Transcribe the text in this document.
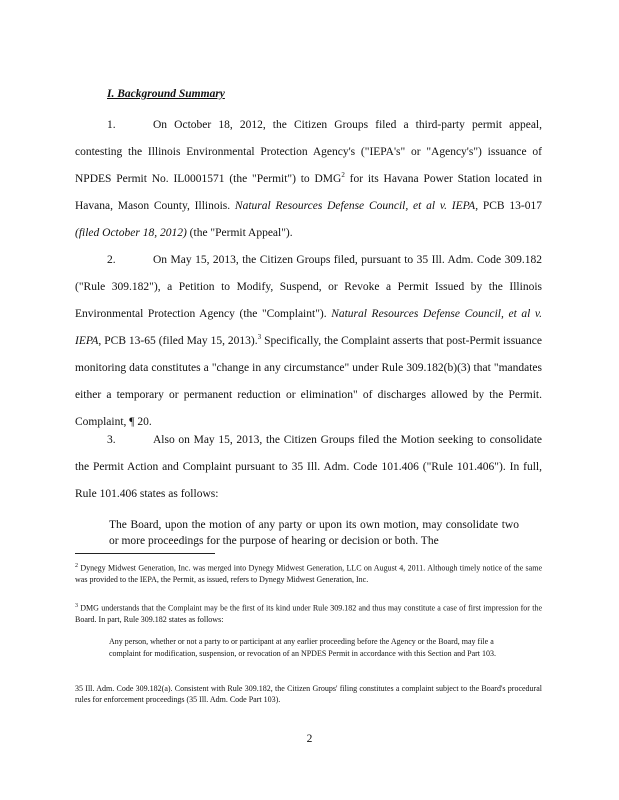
I. Background Summary
1.	On October 18, 2012, the Citizen Groups filed a third-party permit appeal, contesting the Illinois Environmental Protection Agency's ("IEPA's" or "Agency's") issuance of NPDES Permit No. IL0001571 (the "Permit") to DMG$^2$ for its Havana Power Station located in Havana, Mason County, Illinois. Natural Resources Defense Council, et al v. IEPA, PCB 13-017 (filed October 18, 2012) (the "Permit Appeal").
2.	On May 15, 2013, the Citizen Groups filed, pursuant to 35 Ill. Adm. Code 309.182 ("Rule 309.182"), a Petition to Modify, Suspend, or Revoke a Permit Issued by the Illinois Environmental Protection Agency (the "Complaint"). Natural Resources Defense Council, et al v. IEPA, PCB 13-65 (filed May 15, 2013).$^3$ Specifically, the Complaint asserts that post-Permit issuance monitoring data constitutes a "change in any circumstance" under Rule 309.182(b)(3) that "mandates either a temporary or permanent reduction or elimination" of discharges allowed by the Permit. Complaint, ¶ 20.
3.	Also on May 15, 2013, the Citizen Groups filed the Motion seeking to consolidate the Permit Action and Complaint pursuant to 35 Ill. Adm. Code 101.406 ("Rule 101.406"). In full, Rule 101.406 states as follows:
The Board, upon the motion of any party or upon its own motion, may consolidate two or more proceedings for the purpose of hearing or decision or both. The
$^2$ Dynegy Midwest Generation, Inc. was merged into Dynegy Midwest Generation, LLC on August 4, 2011. Although timely notice of the same was provided to the IEPA, the Permit, as issued, refers to Dynegy Midwest Generation, Inc.
$^3$ DMG understands that the Complaint may be the first of its kind under Rule 309.182 and thus may constitute a case of first impression for the Board. In part, Rule 309.182 states as follows:
Any person, whether or not a party to or participant at any earlier proceeding before the Agency or the Board, may file a complaint for modification, suspension, or revocation of an NPDES Permit in accordance with this Section and Part 103.
35 Ill. Adm. Code 309.182(a). Consistent with Rule 309.182, the Citizen Groups' filing constitutes a complaint subject to the Board's procedural rules for enforcement proceedings (35 Ill. Adm. Code Part 103).
2
